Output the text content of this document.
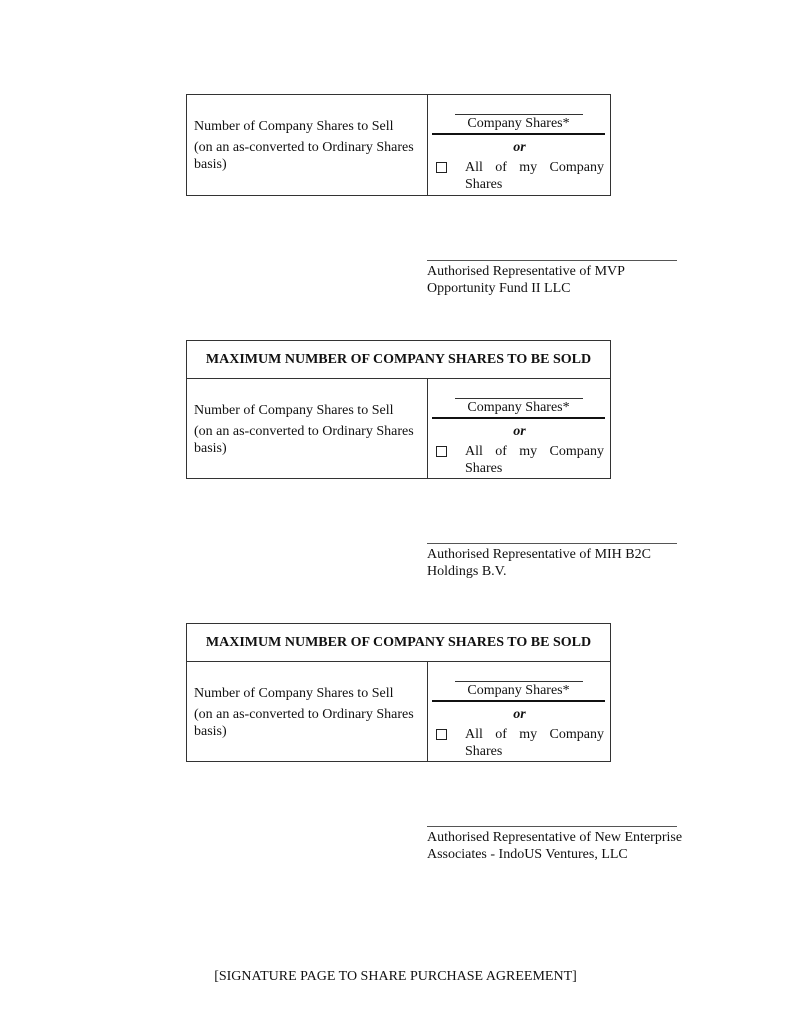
Number of Company Shares to Sell
(on an as-converted to Ordinary Shares basis)
Company Shares*
or
All of my Company
Shares
Authorised Representative of MVP
Opportunity Fund II LLC
MAXIMUM NUMBER OF COMPANY SHARES TO BE SOLD
Number of Company Shares to Sell
(on an as-converted to Ordinary Shares basis)
Company Shares*
or
All of my Company
Shares
Authorised Representative of MIH B2C
Holdings B.V.
MAXIMUM NUMBER OF COMPANY SHARES TO BE SOLD
Number of Company Shares to Sell
(on an as-converted to Ordinary Shares basis)
Company Shares*
or
All of my Company
Shares
Authorised Representative of New Enterprise
Associates - IndoUS Ventures, LLC
[SIGNATURE PAGE TO SHARE PURCHASE AGREEMENT]
